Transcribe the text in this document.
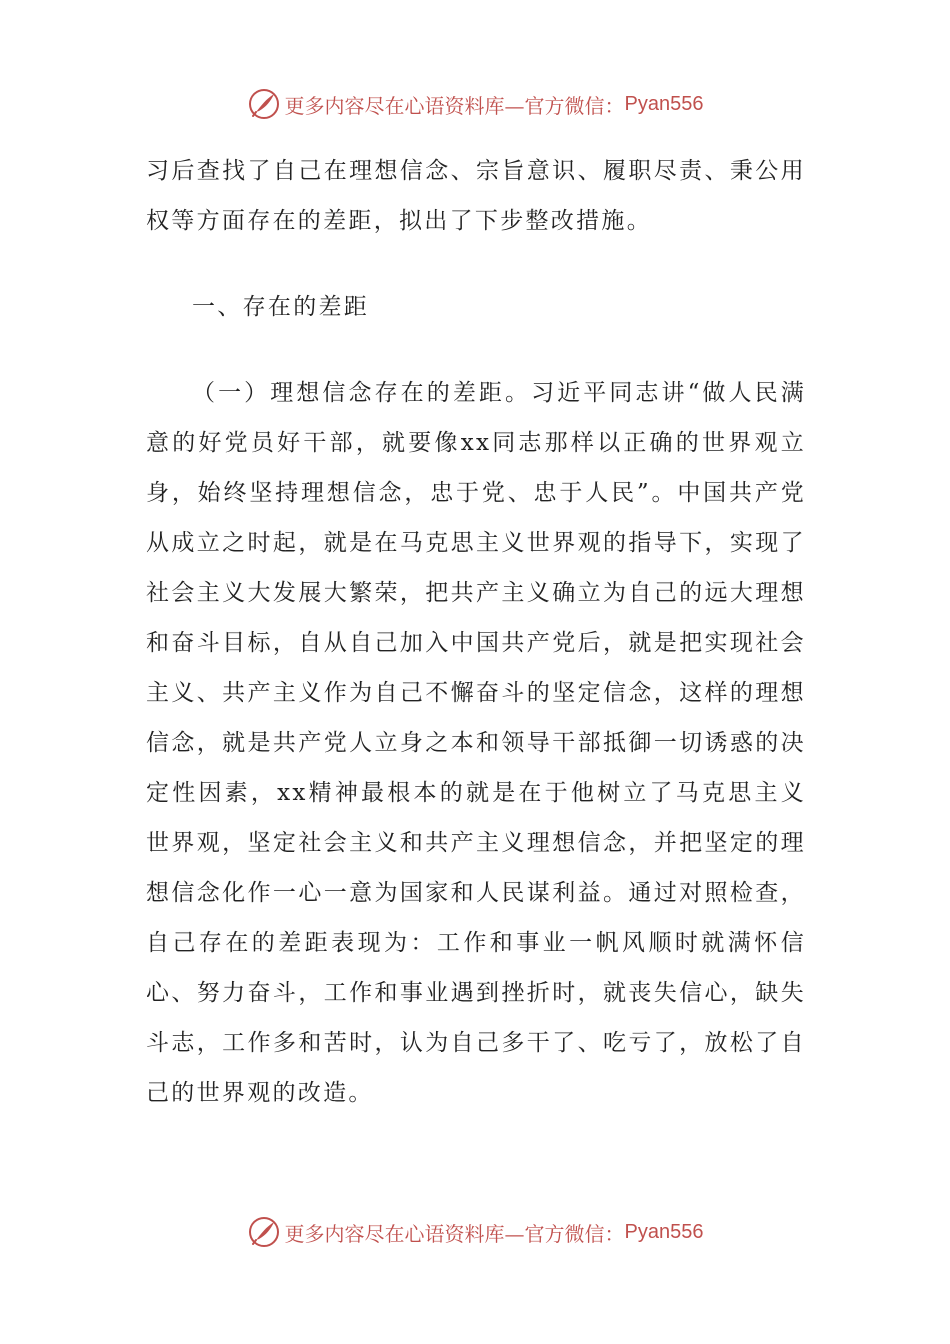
更多内容尽在心语资料库—官方微信： Pyan556

习后查找了自己在理想信念、宗旨意识、履职尽责、秉公用权等方面存在的差距，拟出了下步整改措施。

一、存在的差距

（一）理想信念存在的差距。习近平同志讲“做人民满意的好党员好干部，就要像xx同志那样以正确的世界观立身，始终坚持理想信念，忠于党、忠于人民”。中国共产党从成立之时起，就是在马克思主义世界观的指导下，实现了社会主义大发展大繁荣，把共产主义确立为自己的远大理想和奋斗目标，自从自己加入中国共产党后，就是把实现社会主义、共产主义作为自己不懈奋斗的坚定信念，这样的理想信念，就是共产党人立身之本和领导干部抵御一切诱惑的决定性因素，xx精神最根本的就是在于他树立了马克思主义世界观，坚定社会主义和共产主义理想信念，并把坚定的理想信念化作一心一意为国家和人民谋利益。通过对照检查，自己存在的差距表现为：工作和事业一帆风顺时就满怀信心、努力奋斗，工作和事业遇到挫折时，就丧失信心，缺失斗志，工作多和苦时，认为自己多干了、吃亏了，放松了自己的世界观的改造。

更多内容尽在心语资料库—官方微信： Pyan556
